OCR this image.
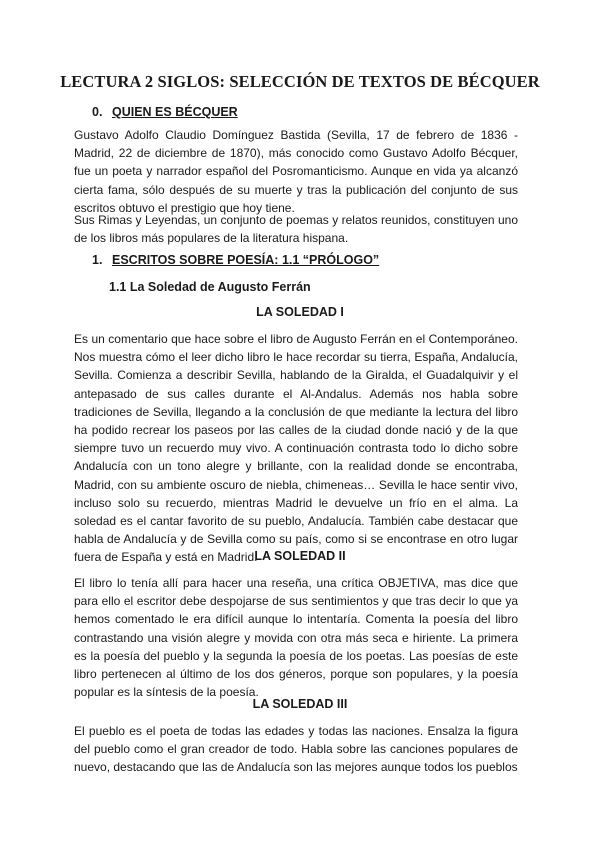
LECTURA 2 SIGLOS: SELECCIÓN DE TEXTOS DE BÉCQUER
0. QUIEN ES BÉCQUER

Gustavo Adolfo Claudio Domínguez Bastida (Sevilla, 17 de febrero de 1836 - Madrid, 22 de diciembre de 1870), más conocido como Gustavo Adolfo Bécquer, fue un poeta y narrador español del Posromanticismo. Aunque en vida ya alcanzó cierta fama, sólo después de su muerte y tras la publicación del conjunto de sus escritos obtuvo el prestigio que hoy tiene.

Sus Rimas y Leyendas, un conjunto de poemas y relatos reunidos, constituyen uno de los libros más populares de la literatura hispana.

1. ESCRITOS SOBRE POESÍA: 1.1 “PRÓLOGO”
1.1 La Soledad de Augusto Ferrán
LA SOLEDAD I

Es un comentario que hace sobre el libro de Augusto Ferrán en el Contemporáneo. Nos muestra cómo el leer dicho libro le hace recordar su tierra, España, Andalucía, Sevilla. Comienza a describir Sevilla, hablando de la Giralda, el Guadalquivir y el antepasado de sus calles durante el Al-Andalus. Además nos habla sobre tradiciones de Sevilla, llegando a la conclusión de que mediante la lectura del libro ha podido recrear los paseos por las calles de la ciudad donde nació y de la que siempre tuvo un recuerdo muy vivo. A continuación contrasta todo lo dicho sobre Andalucía con un tono alegre y brillante, con la realidad donde se encontraba, Madrid, con su ambiente oscuro de niebla, chimeneas… Sevilla le hace sentir vivo, incluso solo su recuerdo, mientras Madrid le devuelve un frío en el alma. La soledad es el cantar favorito de su pueblo, Andalucía. También cabe destacar que habla de Andalucía y de Sevilla como su país, como si se encontrase en otro lugar fuera de España y está en Madrid.

LA SOLEDAD II

El libro lo tenía allí para hacer una reseña, una crítica OBJETIVA, mas dice que para ello el escritor debe despojarse de sus sentimientos y que tras decir lo que ya hemos comentado le era difícil aunque lo intentaría. Comenta la poesía del libro contrastando una visión alegre y movida con otra más seca e hiriente. La primera es la poesía del pueblo y la segunda la poesía de los poetas. Las poesías de este libro pertenecen al último de los dos géneros, porque son populares, y la poesía popular es la síntesis de la poesía.

LA SOLEDAD III

El pueblo es el poeta de todas las edades y todas las naciones. Ensalza la figura del pueblo como el gran creador de todo. Habla sobre las canciones populares de nuevo, destacando que las de Andalucía son las mejores aunque todos los pueblos
